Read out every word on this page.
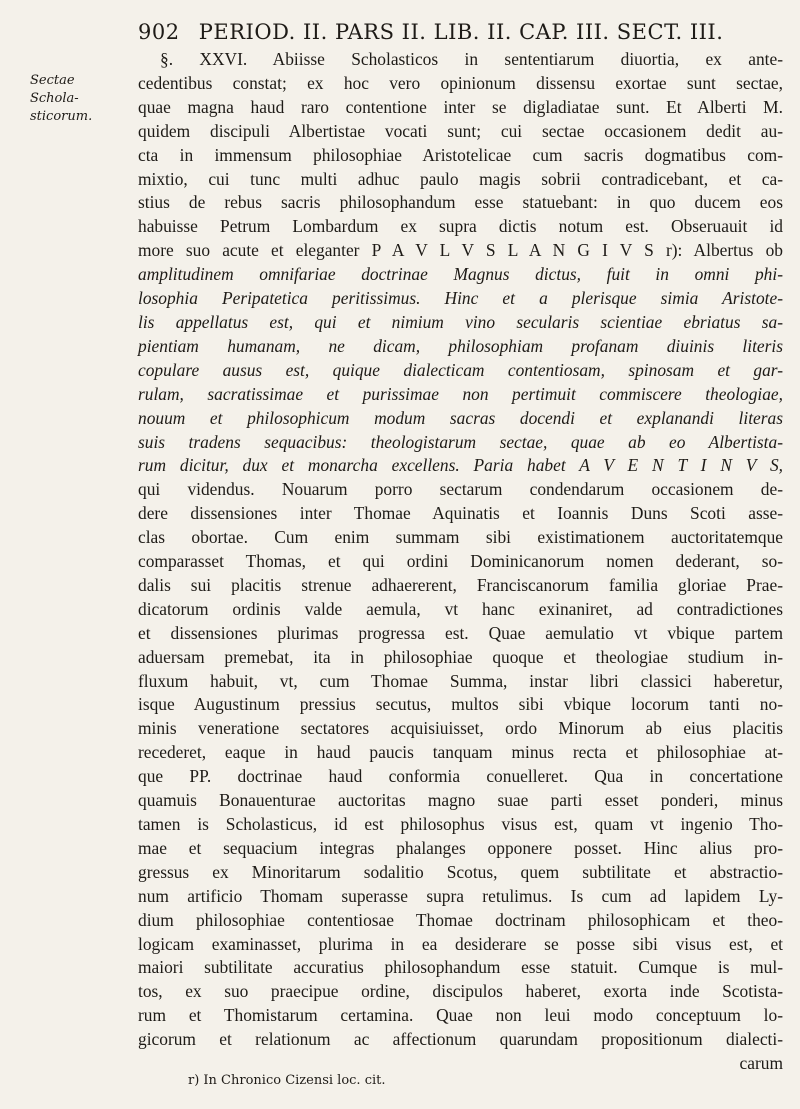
902 PERIOD. II. PARS II. LIB. II. CAP. III. SECT. III.
Sectae Schola-
sticorum.
§. XXVI. Abiisse Scholasticos in sententiarum diuortia, ex ante-
cedentibus constat; ex hoc vero opinionum dissensu exortae sunt sectae,
quae magna haud raro contentione inter se digladiatae sunt. Et Alberti M.
quidem discipuli Albertistae vocati sunt; cui sectae occasionem dedit au-
cta in immensum philosophiae Aristotelicae cum sacris dogmatibus com-
mixtio, cui tunc multi adhuc paulo magis sobrii contradicebant, et ca-
stius de rebus sacris philosophandum esse statuebant: in quo ducem eos
habuisse Petrum Lombardum ex supra dictis notum est. Obseruauit id
more suo acute et eleganter P A V L V S L A N G I V S r): Albertus ob
amplitudinem omnifariae doctrinae Magnus dictus, fuit in omni phi-
losophia Peripatetica peritissimus. Hinc et a plerisque simia Aristote-
lis appellatus est, qui et nimium vino secularis scientiae ebriatus sa-
pientiam humanam, ne dicam, philosophiam profanam diuinis literis
copulare ausus est, quique dialecticam contentiosam, spinosam et gar-
rulam, sacratissimae et purissimae non pertimuit commiscere theologiae,
nouum et philosophicum modum sacras docendi et explanandi literas
suis tradens sequacibus: theologistarum sectae, quae ab eo Albertista-
rum dicitur, dux et monarcha excellens. Paria habet A V E N T I N V S,
qui videndus. Nouarum porro sectarum condendarum occasionem de-
dere dissensiones inter Thomae Aquinatis et Ioannis Duns Scoti asse-
clas obortae. Cum enim summam sibi existimationem auctoritatemque
comparasset Thomas, et qui ordini Dominicanorum nomen dederant, so-
dalis sui placitis strenue adhaererent, Franciscanorum familia gloriae Prae-
dicatorum ordinis valde aemula, vt hanc exinaniret, ad contradictiones
et dissensiones plurimas progressa est. Quae aemulatio vt vbique partem
aduersam premebat, ita in philosophiae quoque et theologiae studium in-
fluxum habuit, vt, cum Thomae Summa, instar libri classici haberetur,
isque Augustinum pressius secutus, multos sibi vbique locorum tanti no-
minis veneratione sectatores acquisiuisset, ordo Minorum ab eius placitis
recederet, eaque in haud paucis tanquam minus recta et philosophiae at-
que PP. doctrinae haud conformia conuelleret. Qua in concertatione
quamuis Bonauenturae auctoritas magno suae parti esset ponderi, minus
tamen is Scholasticus, id est philosophus visus est, quam vt ingenio Tho-
mae et sequacium integras phalanges opponere posset. Hinc alius pro-
gressus ex Minoritarum sodalitio Scotus, quem subtilitate et abstractio-
num artificio Thomam superasse supra retulimus. Is cum ad lapidem Ly-
dium philosophiae contentiosae Thomae doctrinam philosophicam et theo-
logicam examinasset, plurima in ea desiderare se posse sibi visus est, et
maiori subtilitate accuratius philosophandum esse statuit. Cumque is mul-
tos, ex suo praecipue ordine, discipulos haberet, exorta inde Scotista-
rum et Thomistarum certamina. Quae non leui modo conceptuum lo-
gicorum et relationum ac affectionum quarundam propositionum dialecti-
carum
r) In Chronico Cizensi loc. cit.
